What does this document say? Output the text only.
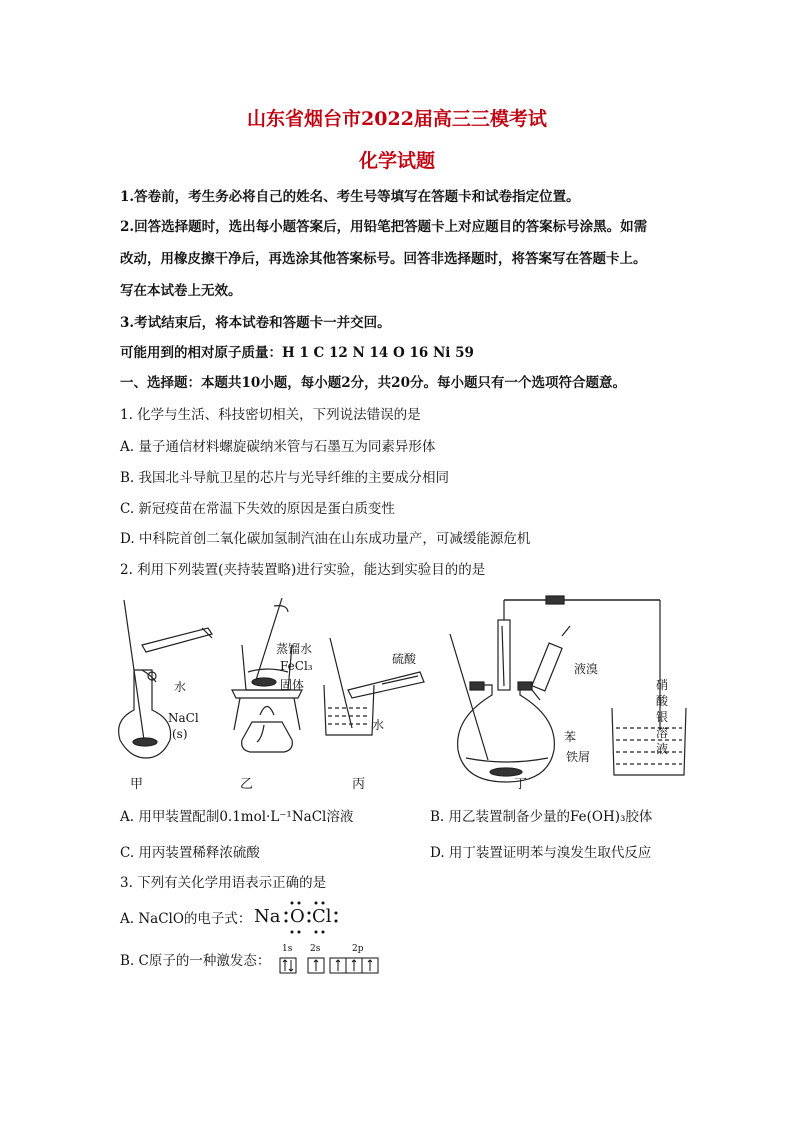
山东省烟台市2022届高三三模考试
化学试题
1.答卷前，考生务必将自己的姓名、考生号等填写在答题卡和试卷指定位置。
2.回答选择题时，选出每小题答案后，用铅笔把答题卡上对应题目的答案标号涂黑。如需
改动，用橡皮擦干净后，再选涂其他答案标号。回答非选择题时，将答案写在答题卡上。
写在本试卷上无效。
3.考试结束后，将本试卷和答题卡一并交回。
可能用到的相对原子质量：H 1 C 12 N 14 O 16 Ni 59
一、选择题：本题共10小题，每小题2分，共20分。每小题只有一个选项符合题意。
1. 化学与生活、科技密切相关，下列说法错误的是
A. 量子通信材料螺旋碳纳米管与石墨互为同素异形体
B. 我国北斗导航卫星的芯片与光导纤维的主要成分相同
C. 新冠疫苗在常温下失效的原因是蛋白质变性
D. 中科院首创二氧化碳加氢制汽油在山东成功量产，可减缓能源危机
2. 利用下列装置(夹持装置略)进行实验，能达到实验目的的是
水
NaCl
(s)
蒸馏水
FeCl₃
固体
硫酸
水
液溴
苯
铁屑
硝
酸
银
溶
液
甲	乙	丙	丁
A. 用甲装置配制0.1mol·L⁻¹NaCl溶液	B. 用乙装置制备少量的Fe(OH)₃胶体
C. 用丙装置稀释浓硫酸	D. 用丁装置证明苯与溴发生取代反应
3. 下列有关化学用语表示正确的是
A. NaClO的电子式： Na O Cl
B. C原子的一种激发态：
1s 2s	2p
